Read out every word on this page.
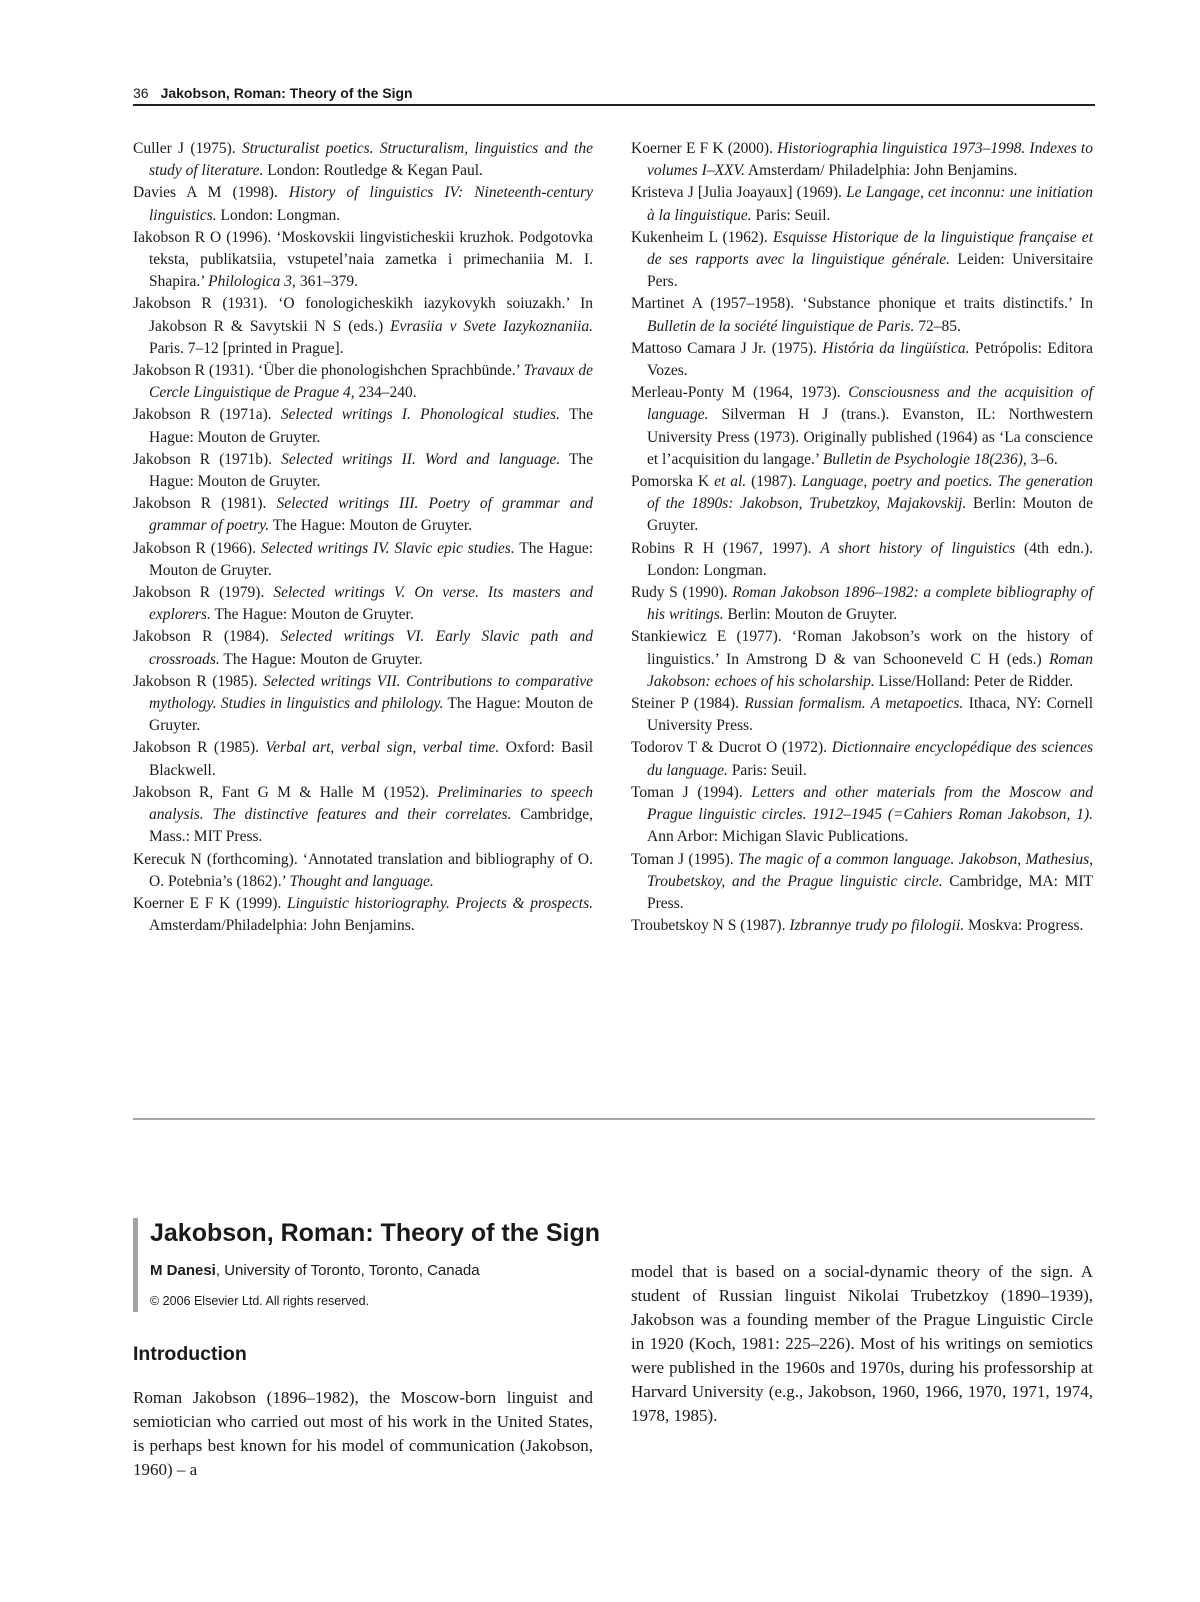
36 Jakobson, Roman: Theory of the Sign
Culler J (1975). Structuralist poetics. Structuralism, linguistics and the study of literature. London: Routledge & Kegan Paul.
Davies A M (1998). History of linguistics IV: Nineteenth-century linguistics. London: Longman.
Iakobson R O (1996). ‘Moskovskii lingvisticheskii kruzhok. Podgotovka teksta, publikatsiia, vstupetel’naia zametka i primechaniia M. I. Shapira.’ Philologica 3, 361–379.
Jakobson R (1931). ‘O fonologicheskikh iazykovykh soiuzakh.’ In Jakobson R & Savytskii N S (eds.) Evrasiia v Svete Iazykoznaniia. Paris. 7–12 [printed in Prague].
Jakobson R (1931). ‘Über die phonologishchen Sprachbünde.’ Travaux de Cercle Linguistique de Prague 4, 234–240.
Jakobson R (1971a). Selected writings I. Phonological studies. The Hague: Mouton de Gruyter.
Jakobson R (1971b). Selected writings II. Word and language. The Hague: Mouton de Gruyter.
Jakobson R (1981). Selected writings III. Poetry of grammar and grammar of poetry. The Hague: Mouton de Gruyter.
Jakobson R (1966). Selected writings IV. Slavic epic studies. The Hague: Mouton de Gruyter.
Jakobson R (1979). Selected writings V. On verse. Its masters and explorers. The Hague: Mouton de Gruyter.
Jakobson R (1984). Selected writings VI. Early Slavic path and crossroads. The Hague: Mouton de Gruyter.
Jakobson R (1985). Selected writings VII. Contributions to comparative mythology. Studies in linguistics and philology. The Hague: Mouton de Gruyter.
Jakobson R (1985). Verbal art, verbal sign, verbal time. Oxford: Basil Blackwell.
Jakobson R, Fant G M & Halle M (1952). Preliminaries to speech analysis. The distinctive features and their correlates. Cambridge, Mass.: MIT Press.
Kerecuk N (forthcoming). ‘Annotated translation and bibliography of O. O. Potebnia’s (1862).’ Thought and language.
Koerner E F K (1999). Linguistic historiography. Projects & prospects. Amsterdam/Philadelphia: John Benjamins.
Koerner E F K (2000). Historiographia linguistica 1973–1998. Indexes to volumes I–XXV. Amsterdam/ Philadelphia: John Benjamins.
Kristeva J [Julia Joayaux] (1969). Le Langage, cet inconnu: une initiation à la linguistique. Paris: Seuil.
Kukenheim L (1962). Esquisse Historique de la linguistique française et de ses rapports avec la linguistique générale. Leiden: Universitaire Pers.
Martinet A (1957–1958). ‘Substance phonique et traits distinctifs.’ In Bulletin de la société linguistique de Paris. 72–85.
Mattoso Camara J Jr. (1975). História da lingüística. Petrópolis: Editora Vozes.
Merleau-Ponty M (1964, 1973). Consciousness and the acquisition of language. Silverman H J (trans.). Evanston, IL: Northwestern University Press (1973). Originally published (1964) as ‘La conscience et l’acquisition du langage.’ Bulletin de Psychologie 18(236), 3–6.
Pomorska K et al. (1987). Language, poetry and poetics. The generation of the 1890s: Jakobson, Trubetzkoy, Majakovskij. Berlin: Mouton de Gruyter.
Robins R H (1967, 1997). A short history of linguistics (4th edn.). London: Longman.
Rudy S (1990). Roman Jakobson 1896–1982: a complete bibliography of his writings. Berlin: Mouton de Gruyter.
Stankiewicz E (1977). ‘Roman Jakobson’s work on the history of linguistics.’ In Amstrong D & van Schooneveld C H (eds.) Roman Jakobson: echoes of his scholarship. Lisse/Holland: Peter de Ridder.
Steiner P (1984). Russian formalism. A metapoetics. Ithaca, NY: Cornell University Press.
Todorov T & Ducrot O (1972). Dictionnaire encyclopédique des sciences du language. Paris: Seuil.
Toman J (1994). Letters and other materials from the Moscow and Prague linguistic circles. 1912–1945 (=Cahiers Roman Jakobson, 1). Ann Arbor: Michigan Slavic Publications.
Toman J (1995). The magic of a common language. Jakobson, Mathesius, Troubetskoy, and the Prague linguistic circle. Cambridge, MA: MIT Press.
Troubetskoy N S (1987). Izbrannye trudy po filologii. Moskva: Progress.
Jakobson, Roman: Theory of the Sign
M Danesi, University of Toronto, Toronto, Canada
© 2006 Elsevier Ltd. All rights reserved.
Introduction
Roman Jakobson (1896–1982), the Moscow-born linguist and semiotician who carried out most of his work in the United States, is perhaps best known for his model of communication (Jakobson, 1960) – a
model that is based on a social-dynamic theory of the sign. A student of Russian linguist Nikolai Trubetzkoy (1890–1939), Jakobson was a founding member of the Prague Linguistic Circle in 1920 (Koch, 1981: 225–226). Most of his writings on semiotics were published in the 1960s and 1970s, during his professorship at Harvard University (e.g., Jakobson, 1960, 1966, 1970, 1971, 1974, 1978, 1985).
